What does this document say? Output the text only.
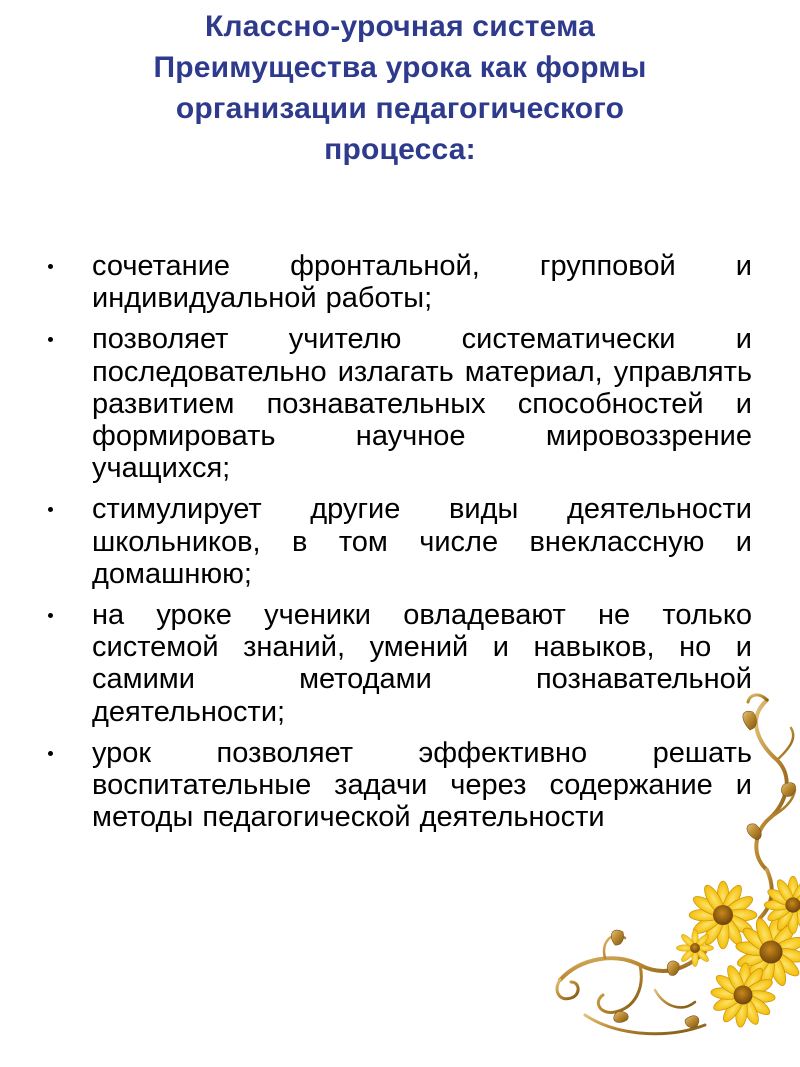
Классно-урочная система
Преимущества урока как формы
организации педагогического
процесса:
сочетание фронтальной, групповой и индивидуальной работы;
позволяет учителю систематически и последовательно излагать материал, управлять развитием познавательных способностей и формировать научное мировоззрение учащихся;
стимулирует другие виды деятельности школьников, в том числе внеклассную и домашнюю;
на уроке ученики овладевают не только системой знаний, умений и навыков, но и самими методами познавательной деятельности;
урок позволяет эффективно решать воспитательные задачи через содержание и методы педагогической деятельности
